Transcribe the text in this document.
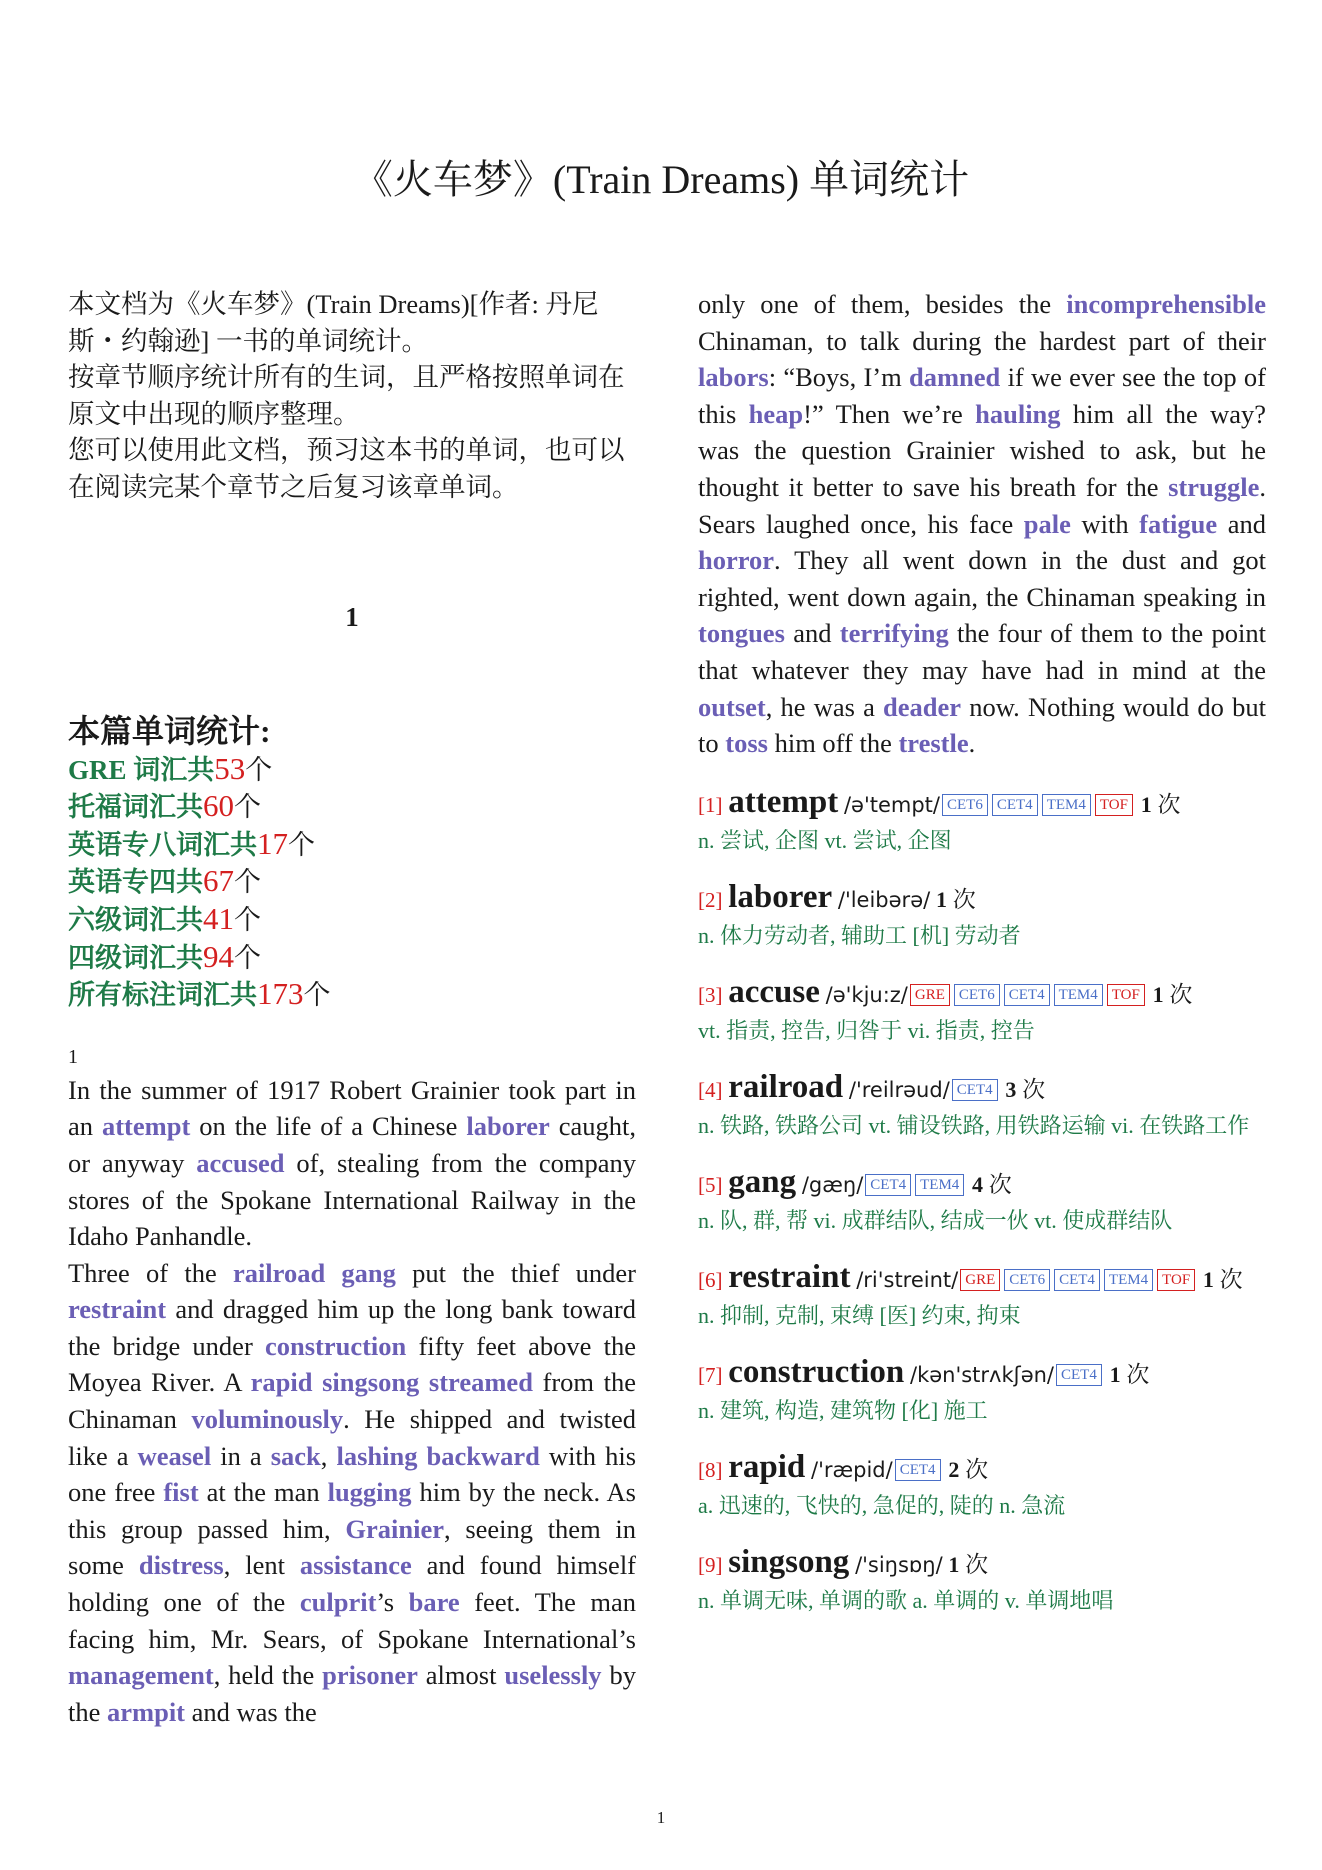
《火车梦》(Train Dreams) 单词统计

本文档为《火车梦》(Train Dreams)[作者: 丹尼斯・约翰逊] 一书的单词统计。

按章节顺序统计所有的生词，且严格按照单词在原文中出现的顺序整理。

您可以使用此文档，预习这本书的单词，也可以在阅读完某个章节之后复习该章单词。

1

本篇单词统计:

GRE 词汇共53个
托福词汇共60个
英语专八词汇共17个
英语专四共67个
六级词汇共41个
四级词汇共94个
所有标注词汇共173个

1

In the summer of 1917 Robert Grainier took part in an attempt on the life of a Chinese laborer caught, or anyway accused of, stealing from the company stores of the Spokane International Railway in the Idaho Panhandle.
Three of the railroad gang put the thief under restraint and dragged him up the long bank toward the bridge under construction fifty feet above the Moyea River. A rapid singsong streamed from the Chinaman voluminously. He shipped and twisted like a weasel in a sack, lashing backward with his one free fist at the man lugging him by the neck. As this group passed him, Grainier, seeing them in some distress, lent assistance and found himself holding one of the culprit’s bare feet. The man facing him, Mr. Sears, of Spokane International’s management, held the prisoner almost uselessly by the armpit and was the

only one of them, besides the incomprehensible Chinaman, to talk during the hardest part of their labors: “Boys, I’m damned if we ever see the top of this heap!” Then we’re hauling him all the way? was the question Grainier wished to ask, but he thought it better to save his breath for the struggle. Sears laughed once, his face pale with fatigue and horror. They all went down in the dust and got righted, went down again, the Chinaman speaking in tongues and terrifying the four of them to the point that whatever they may have had in mind at the outset, he was a deader now. Nothing would do but to toss him off the trestle.

[1] attempt /ə'tempt/ CET6 CET4 TEM4 TOF 1 次

n. 尝试, 企图 vt. 尝试, 企图

[2] laborer /'leibərə/ 1 次

n. 体力劳动者, 辅助工 [机] 劳动者

[3] accuse /ə'kju:z/ GRE CET6 CET4 TEM4 TOF 1 次

vt. 指责, 控告, 归咎于 vi. 指责, 控告

[4] railroad /'reilrəud/ CET4 3 次

n. 铁路, 铁路公司 vt. 铺设铁路, 用铁路运输 vi. 在铁路工作

[5] gang /gæŋ/ CET4 TEM4 4 次

n. 队, 群, 帮 vi. 成群结队, 结成一伙 vt. 使成群结队

[6] restraint /ri'streint/ GRE CET6 CET4 TEM4 TOF 1 次

n. 抑制, 克制, 束缚 [医] 约束, 拘束

[7] construction /kən'strʌkʃən/ CET4 1 次

n. 建筑, 构造, 建筑物 [化] 施工

[8] rapid /'ræpid/ CET4 2 次

a. 迅速的, 飞快的, 急促的, 陡的 n. 急流

[9] singsong /'siŋsɒŋ/ 1 次

n. 单调无味, 单调的歌 a. 单调的 v. 单调地唱

1
